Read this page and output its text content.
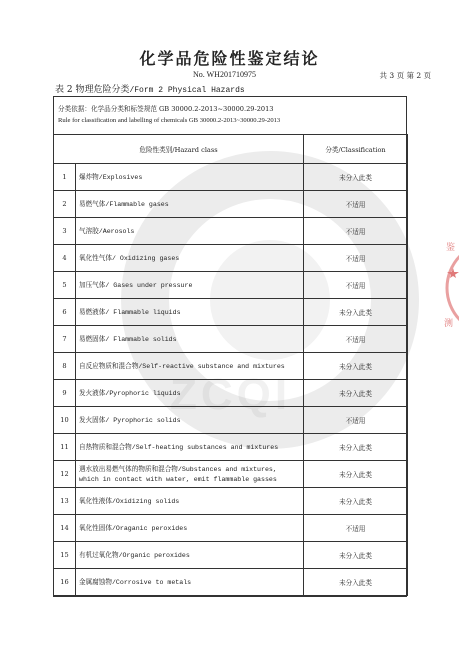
化学品危险性鉴定结论
No. WH201710975	共 3 页 第 2 页
表 2 物理危险分类/Form 2 Physical Hazards
ZCQI
分类依据：化学品分类和标签规范 GB 30000.2-2013~30000.29-2013
Rule for classification and labelling of chemicals GB 30000.2-2013~30000.29-2013
危险性类别/Hazard class		分类/Classification
1	爆炸物/Explosives	未分入此类
2	易燃气体/Flammable gases	不适用
3	气溶胶/Aerosols	不适用
4	氧化性气体/ Oxidizing gases	不适用
5	加压气体/ Gases under pressure	不适用
6	易燃液体/ Flammable liquids	未分入此类
7	易燃固体/ Flammable solids	不适用
8	自反应物质和混合物/Self-reactive substance and mixtures	未分入此类
9	发火液体/Pyrophoric liquids	未分入此类
10	发火固体/ Pyrophoric solids	不适用
11	自热物质和混合物/Self-heating substances and mixtures	未分入此类
12	遇水放出易燃气体的物质和混合物/Substances and mixtures, which in contact with water, emit flammable gasses	未分入此类
13	氧化性液体/Oxidizing solids	未分入此类
14	氧化性固体/Oraganic peroxides	不适用
15	有机过氧化物/Organic peroxides	未分入此类
16	金属腐蚀物/Corrosive to metals	未分入此类
鉴
测
